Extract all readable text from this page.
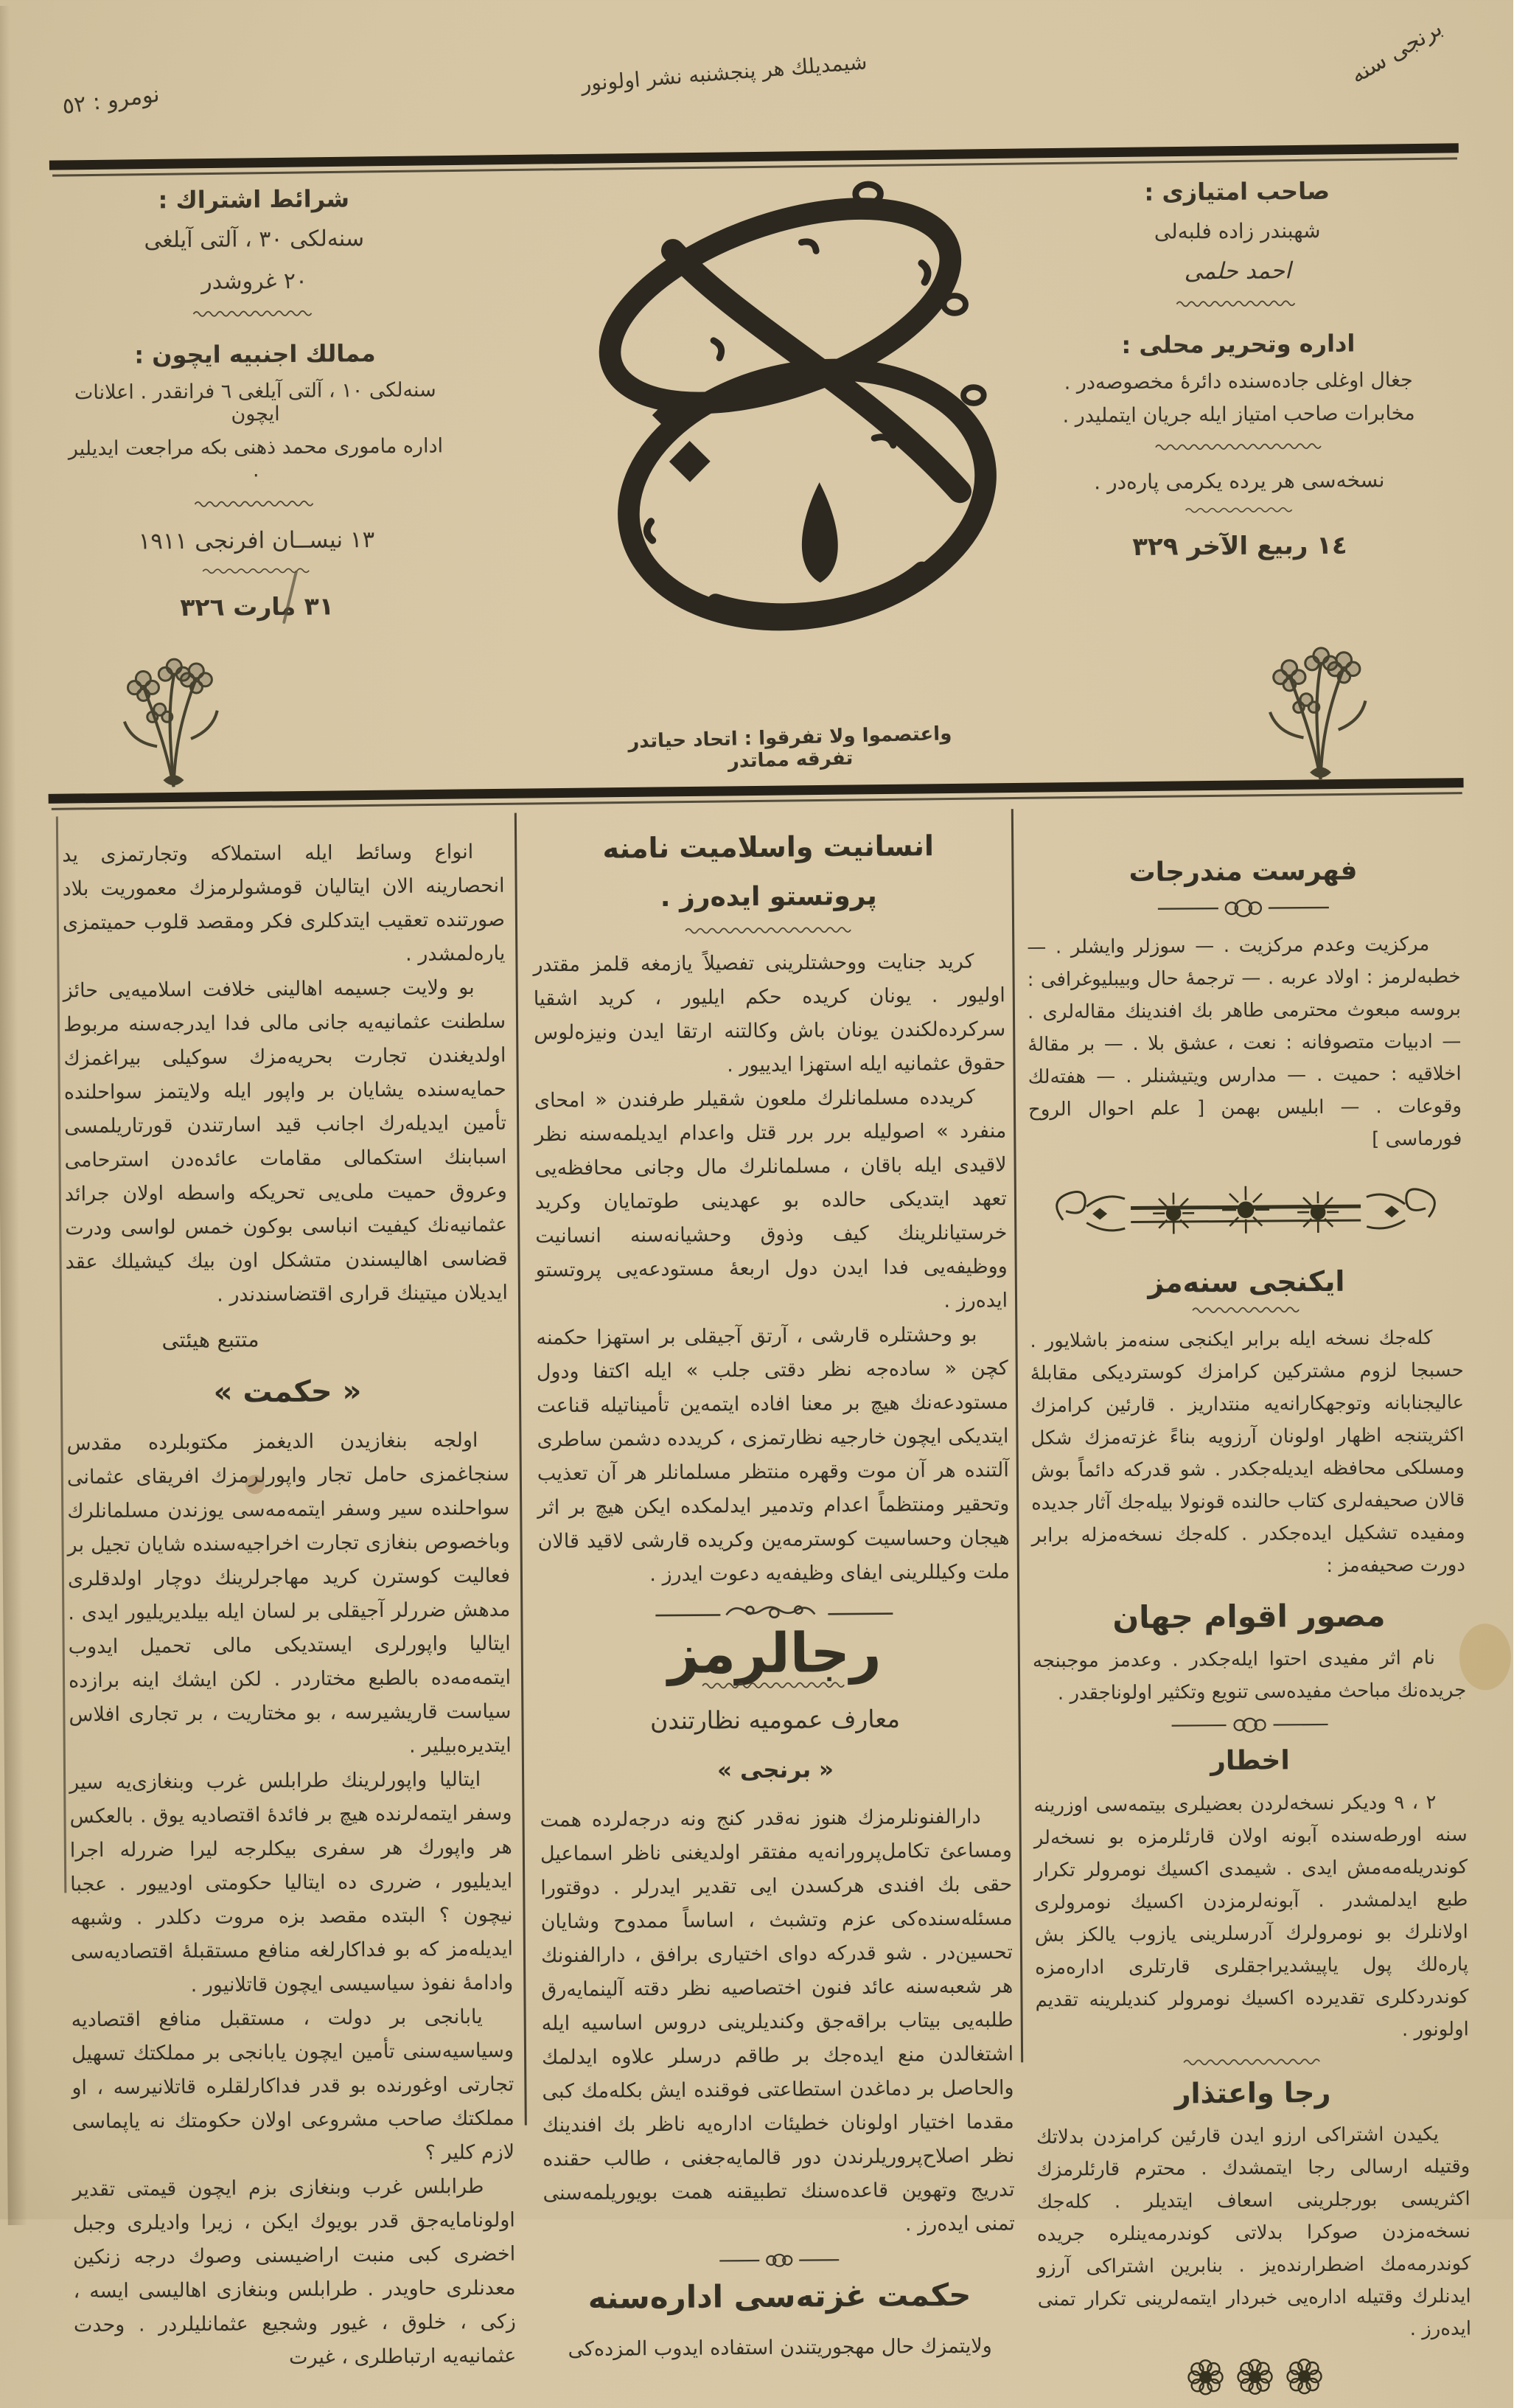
نومرو : ٥٢
شيمديلك هر پنجشنبه نشر اولونور	برنجى سنه
شرائط اشتراك :
سنه‌لكى ٣٠ ، آلتى آيلغى
٢٠ غروشدر
ممالك اجنبيه ايچون :
سنه‌لكى ١٠ ، آلتى آيلغى ٦ فرانقدر . اعلانات ايچون
اداره مامورى محمد ذهنى بكه مراجعت ايديلير .
١٣ نيســان افرنجى ١٩١١
٣١ مارت ٣٢٦
صاحب امتيازى :
شهبندر زاده فلبه‌لى
احمد حلمى
اداره وتحرير محلى :
جغال اوغلى جاده‌سنده دائرهٔ مخصوصه‌در .
مخابرات صاحب امتياز ايله جريان ايتمليدر .
نسخه‌سى هر يرده يكرمى پاره‌در .
١٤ ربيع الآخر ٣٢٩
واعتصموا ولا تفرقوا : اتحاد حياتدر تفرقه مماتدر

فهرست مندرجات

مركزيت وعدم مركزيت . — سوزلر وايشلر . — خطبه‌لرمز : اولاد عربه . — ترجمهٔ حال وبيبليوغرافى : بروسه مبعوث محترمى طاهر بك افندينك مقاله‌لرى . — ادبيات متصوفانه : نعت ، عشق بلا . — بر مقالهٔ اخلاقيه : حميت . — مدارس ويتيشنلر . — هفته‌لك وقوعات . — ابليس بهمن [ علم احوال الروح فورماسى ]

ايكنجى سنه‌مز

كله‌جك نسخه ايله برابر ايكنجى سنه‌مز باشلايور . حسبجا لزوم مشتركين كرامزك كوسترديكى مقابلهٔ عاليجنابانه وتوجهكارانه‌يه منتداريز . قارئين كرامزك اكثريتنجه اظهار اولونان آرزويه بناءً غزته‌مزك شكل ومسلكى محافظه ايديله‌جكدر . شو قدركه دائماً بوش قالان صحيفه‌لرى كتاب حالنده قونولا بيله‌جك آثار جديده ومفيده تشكيل ايده‌جكدر . كله‌جك نسخه‌مزله برابر دورت صحيفه‌مز :

مصور اقوام جهان

نام اثر مفيدى احتوا ايله‌جكدر . وعدمز موجبنجه جريده‌نك مباحث مفيده‌سى تنويع وتكثير اولوناجقدر .

اخطار

٢ ، ٩ وديكر نسخه‌لردن بعضيلرى بيتمه‌سى اوزرينه سنه اورطه‌سنده آبونه اولان قارئلرمزه بو نسخه‌لر كوندريله‌مه‌مش ايدى . شيمدى اكسيك نومرولر تكرار طبع ايدلمشدر . آبونه‌لرمزدن اكسيك نومرولرى اولانلرك بو نومرولرك آدرسلرينى يازوب يالكز بش پاره‌لك پول ياپيشديراجقلرى قارتلرى اداره‌مزه كوندردكلرى تقديرده اكسيك نومرولر كنديلرينه تقديم اولونور .

رجا واعتذار

يكيدن اشتراكى ارزو ايدن قارئين كرامزدن بدلاتك وقتيله ارسالى رجا ايتمشدك . محترم قارئلرمزك اكثريسى بورجلرينى اسعاف ايتديلر . كله‌جك نسخه‌مزدن صوكرا بدلاتى كوندرمه‌ينلره جريده كوندرمه‌مك اضطرارنده‌يز . بنابرين اشتراكى آرزو ايدنلرك وقتيله اداره‌يى خبردار ايتمه‌لرينى تكرار تمنى ايده‌رز .

انسانيت واسلاميت نامنه

پروتستو ايده‌رز .

كريد جنايت ووحشتلرينى تفصيلاً يازمغه قلمز مقتدر اوليور . يونان كريده حكم ايليور ، كريد اشقيا سركرده‌لكندن يونان باش وكالتنه ارتقا ايدن ونيزه‌لوس حقوق عثمانيه ايله استهزا ايدييور .

كريدده مسلمانلرك ملعون شقيلر طرفندن « امحاى منفرد » اصوليله برر برر قتل واعدام ايديلمه‌سنه نظر لاقيدى ايله باقان ، مسلمانلرك مال وجانى محافظه‌يى تعهد ايتديكى حالده بو عهدينى طوتمايان وكريد خرستيانلرينك كيف وذوق وحشيانه‌سنه انسانيت ووظيفه‌يى فدا ايدن دول اربعهٔ مستودعه‌يى پروتستو ايده‌رز .

بو وحشتلره قارشى ، آرتق آجيقلى بر استهزا حكمنه كچن « ساده‌جه نظر دقتى جلب » ايله اكتفا ودول مستودعه‌نك هيچ بر معنا افاده ايتمه‌ين تأميناتيله قناعت ايتديكى ايچون خارجيه نظارتمزى ، كريدده دشمن ساطرى آلتنده هر آن موت وقهره منتظر مسلمانلر هر آن تعذيب وتحقير ومنتظماً اعدام وتدمير ايدلمكده ايكن هيچ بر اثر هيجان وحساسيت كوسترمه‌ين وكريده قارشى لاقيد قالان ملت وكيللرينى ايفاى وظيفه‌يه دعوت ايدرز .

رجالرمز

معارف عموميه نظارتندن

« برنجى »

دارالفنونلرمزك هنوز نه‌قدر كنج ونه درجه‌لرده همت ومساعئ تكامل‌پرورانه‌يه مفتقر اولديغنى ناظر اسماعيل حقى بك افندى هركسدن ايى تقدير ايدرلر . دوقتورا مسئله‌سنده‌كى عزم وتشبث ، اساساً ممدوح وشايان تحسين‌در . شو قدركه دواى اختيارى برافق ، دارالفنونك هر شعبه‌سنه عائد فنون اختصاصيه نظر دقته آلينمايه‌رق طلبه‌يى بيتاب براقه‌جق وكنديلرينى دروس اساسيه ايله اشتغالدن منع ايده‌جك بر طاقم درسلر علاوه ايدلمك والحاصل بر دماغدن استطاعتى فوقنده ايش بكله‌مك كبى مقدما اختيار اولونان خطيئات اداره‌يه ناظر بك افندينك نظر اصلاح‌پروريلرندن دور قالمايه‌جغنى ، طالب حقنده تدريج وتهوين قاعده‌سنك تطبيقنه همت بويوريلمه‌سنى تمنى ايده‌رز .

حكمت غزته‌سى اداره‌سنه

ولايتمزك حال مهجوريتندن استفاده ايدوب المزده‌كى

انواع وسائط ايله استملاكه وتجارتمزى يد انحصارينه الان ايتاليان قومشولرمزك معموريت بلاد صورتنده تعقيب ايتدكلرى فكر ومقصد قلوب حميتمزى ياره‌لمشدر .

بو ولايت جسيمه اهالينى خلافت اسلاميه‌يى حائز سلطنت عثمانيه‌يه جانى مالى فدا ايدرجه‌سنه مربوط اولديغندن تجارت بحريه‌مزك سوكيلى بيراغمزك حمايه‌سنده يشايان بر واپور ايله ولايتمز سواحلنده تأمين ايديله‌رك اجانب قيد اسارتندن قورتاريلمسى اسبابنك استكمالى مقامات عائده‌دن استرحامى وعروق حميت ملى‌يى تحريكه واسطه اولان جرائد عثمانيه‌نك كيفيت انباسى بوكون خمس لواسى ودرت قضاسى اهاليسندن متشكل اون بيك كيشيلك عقد ايديلان ميتينك قرارى اقتضاسندندر .

متتبع هيئتى

« حكمت »

اولجه بنغازيدن الديغمز مكتوبلرده مقدس سنجاغمزى حامل تجار واپورلرمزك افريقاى عثمانى سواحلنده سير وسفر ايتمه‌مه‌سى يوزندن مسلمانلرك وباخصوص بنغازى تجارت اخراجيه‌سنده شايان تجيل بر فعاليت كوسترن كريد مهاجرلرينك دوچار اولدقلرى مدهش ضررلر آجيقلى بر لسان ايله بيلديريليور ايدى . ايتاليا واپورلرى ايستديكى مالى تحميل ايدوب ايتمه‌مه‌ده بالطبع مختاردر . لكن ايشك اينه برازده سياست قاريشيرسه ، بو مختاريت ، بر تجارى افلاس ايتديره‌بيلير .

ايتاليا واپورلرينك طرابلس غرب وبنغازى‌يه سير وسفر ايتمه‌لرنده هيچ بر فائدهٔ اقتصاديه يوق . بالعكس هر واپورك هر سفرى بيكلرجه ليرا ضررله اجرا ايديليور ، ضررى ده ايتاليا حكومتى اودييور . عجبا نيچون ؟ البتده مقصد بزه مروت دكلدر . وشبهه ايديله‌مز كه بو فداكارلغه منافع مستقبلهٔ اقتصاديه‌سى وادامهٔ نفوذ سياسيسى ايچون قاتلانيور .

يابانجى بر دولت ، مستقبل منافع اقتصاديه وسياسيه‌سنى تأمين ايچون يابانجى بر مملكتك تسهيل تجارتى اوغورنده بو قدر فداكارلقلره قاتلانيرسه ، او مملكتك صاحب مشروعى اولان حكومتك نه ياپماسى لازم كلير ؟

طرابلس غرب وبنغازى بزم ايچون قيمتى تقدير اولونامايه‌جق قدر بويوك ايكن ، زيرا واديلرى وجبل اخضرى كبى منبت اراضيسنى وصوك درجه زنكين معدنلرى حاويدر . طرابلس وبنغازى اهاليسى ايسه ، زكى ، خلوق ، غيور وشجيع عثمانليلردر . وحدت عثمانيه‌يه ارتباطلرى ، غيرت
